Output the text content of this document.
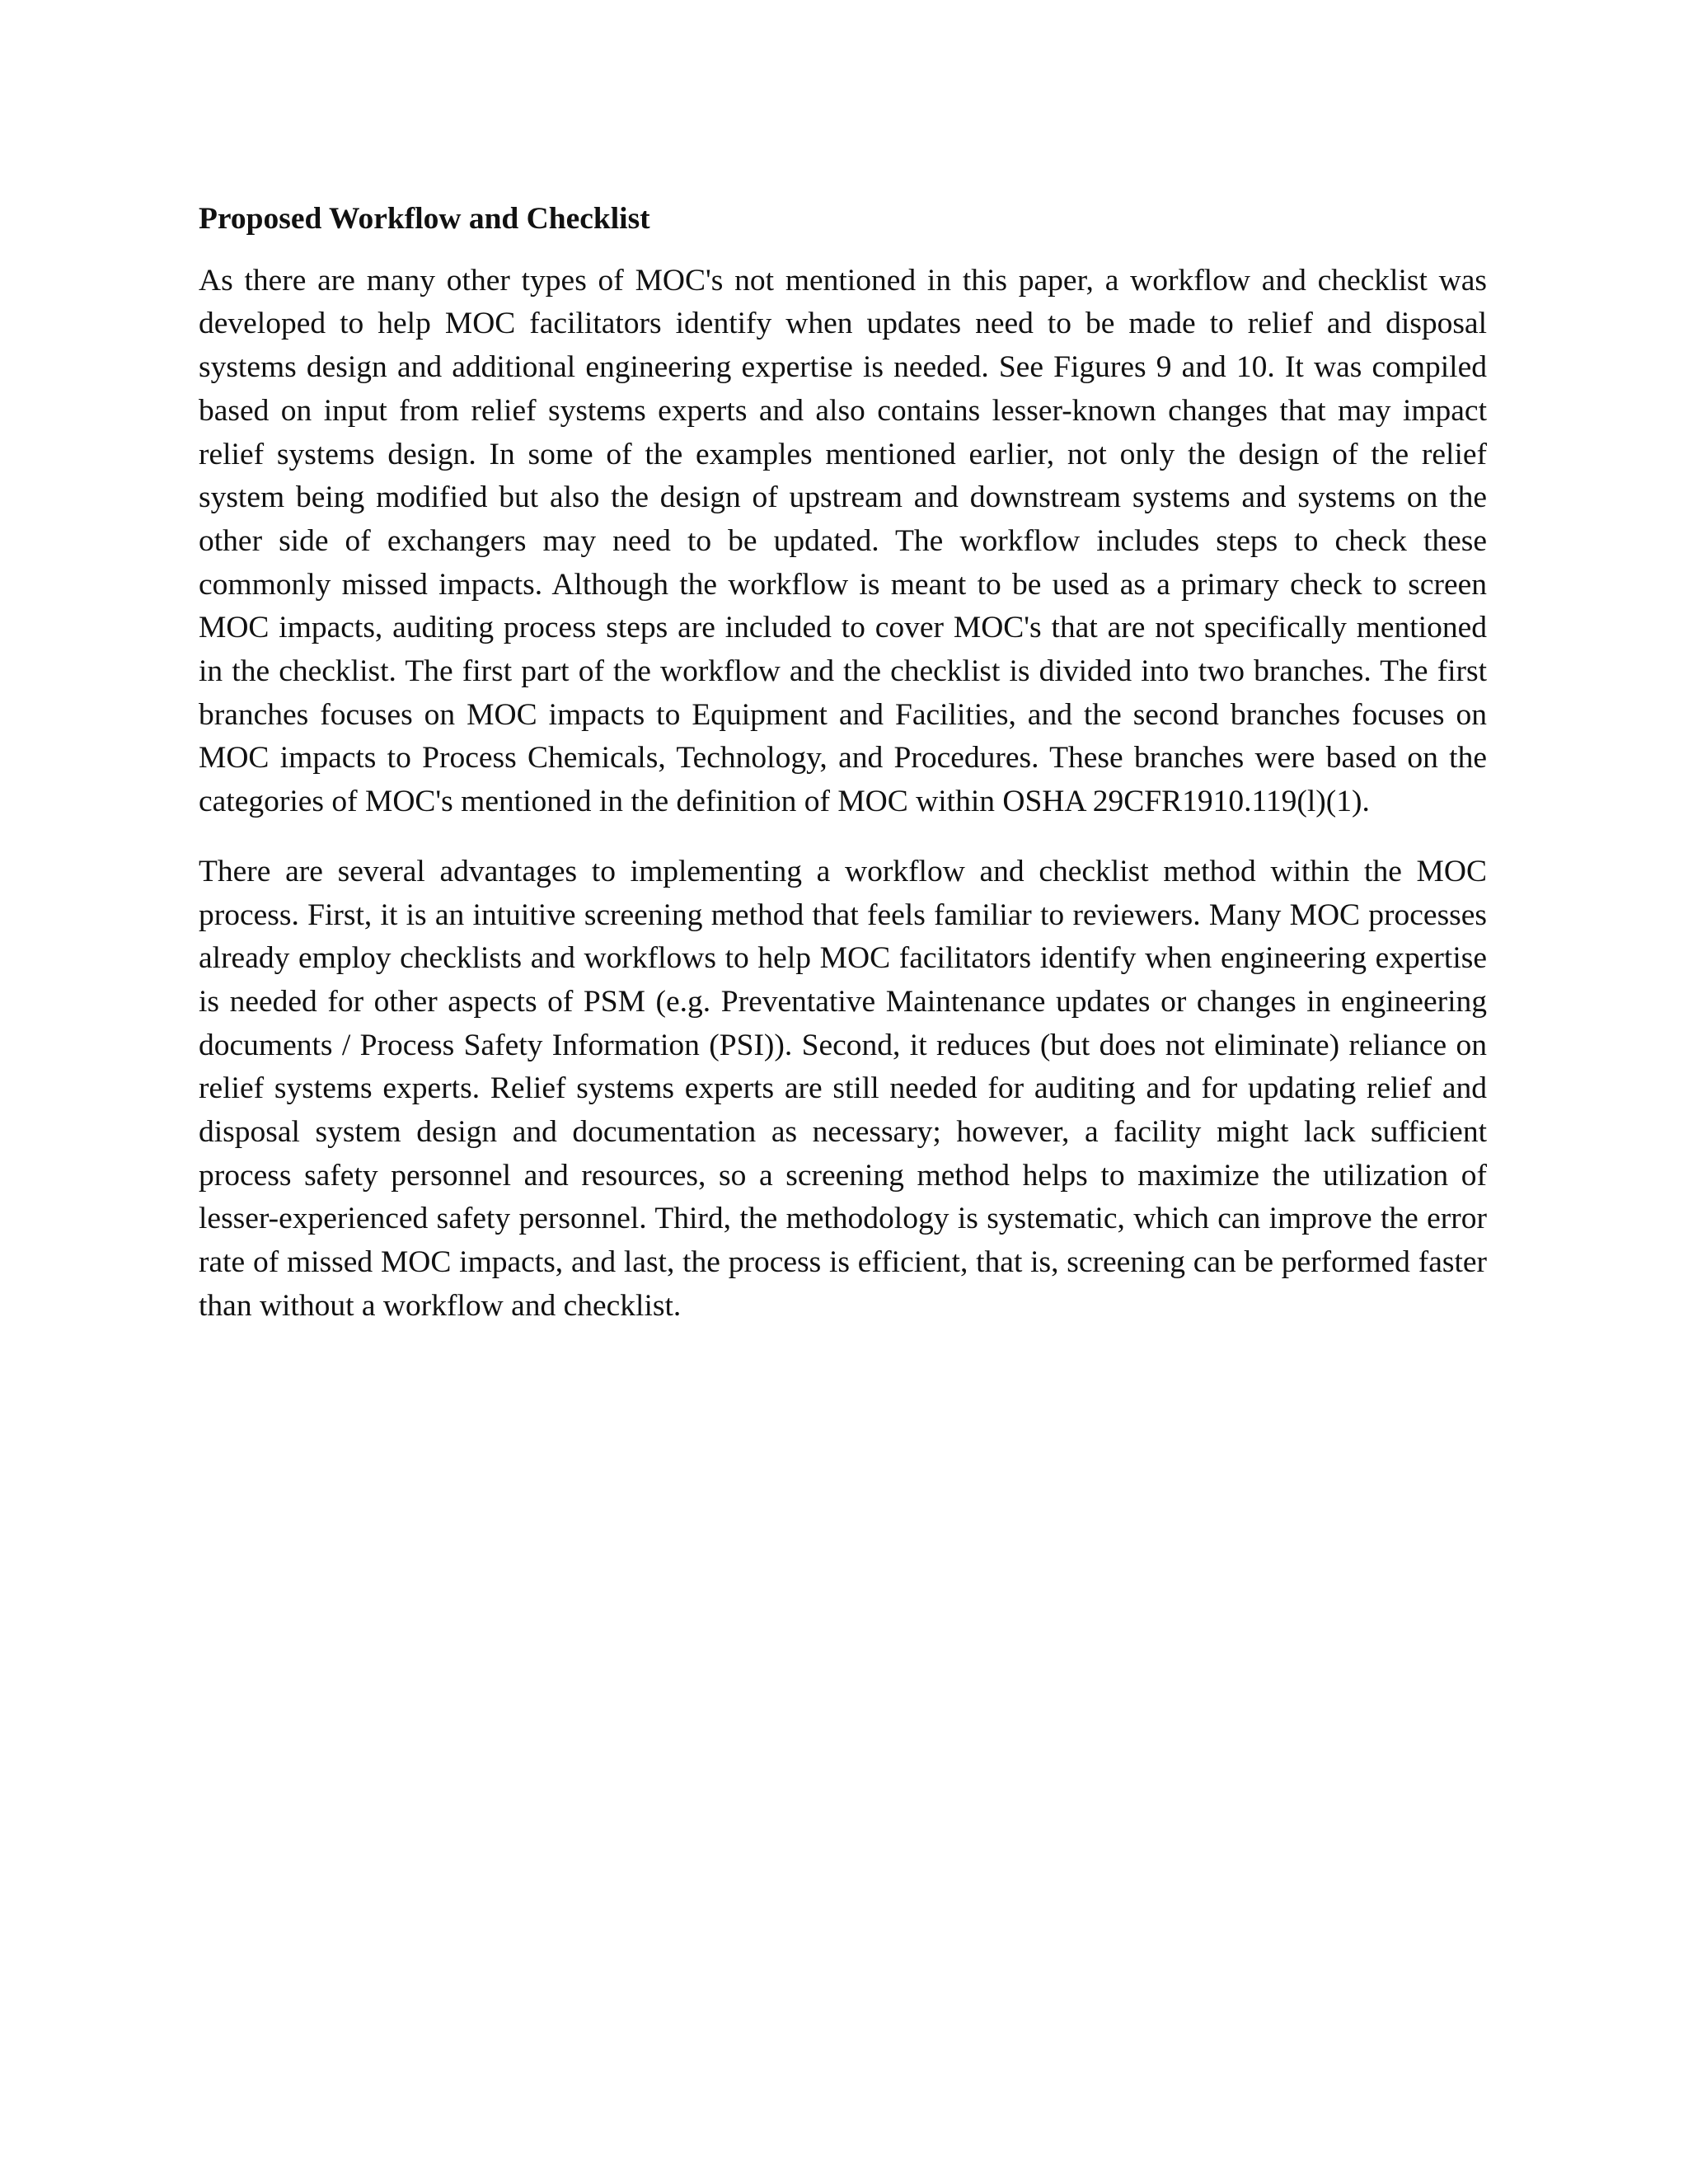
Proposed Workflow and Checklist

As there are many other types of MOC's not mentioned in this paper, a workflow and checklist was developed to help MOC facilitators identify when updates need to be made to relief and disposal systems design and additional engineering expertise is needed. See Figures 9 and 10. It was compiled based on input from relief systems experts and also contains lesser-known changes that may impact relief systems design. In some of the examples mentioned earlier, not only the design of the relief system being modified but also the design of upstream and downstream systems and systems on the other side of exchangers may need to be updated. The workflow includes steps to check these commonly missed impacts. Although the workflow is meant to be used as a primary check to screen MOC impacts, auditing process steps are included to cover MOC's that are not specifically mentioned in the checklist. The first part of the workflow and the checklist is divided into two branches. The first branches focuses on MOC impacts to Equipment and Facilities, and the second branches focuses on MOC impacts to Process Chemicals, Technology, and Procedures. These branches were based on the categories of MOC's mentioned in the definition of MOC within OSHA 29CFR1910.119(l)(1).

There are several advantages to implementing a workflow and checklist method within the MOC process. First, it is an intuitive screening method that feels familiar to reviewers. Many MOC processes already employ checklists and workflows to help MOC facilitators identify when engineering expertise is needed for other aspects of PSM (e.g. Preventative Maintenance updates or changes in engineering documents / Process Safety Information (PSI)). Second, it reduces (but does not eliminate) reliance on relief systems experts. Relief systems experts are still needed for auditing and for updating relief and disposal system design and documentation as necessary; however, a facility might lack sufficient process safety personnel and resources, so a screening method helps to maximize the utilization of lesser-experienced safety personnel. Third, the methodology is systematic, which can improve the error rate of missed MOC impacts, and last, the process is efficient, that is, screening can be performed faster than without a workflow and checklist.
